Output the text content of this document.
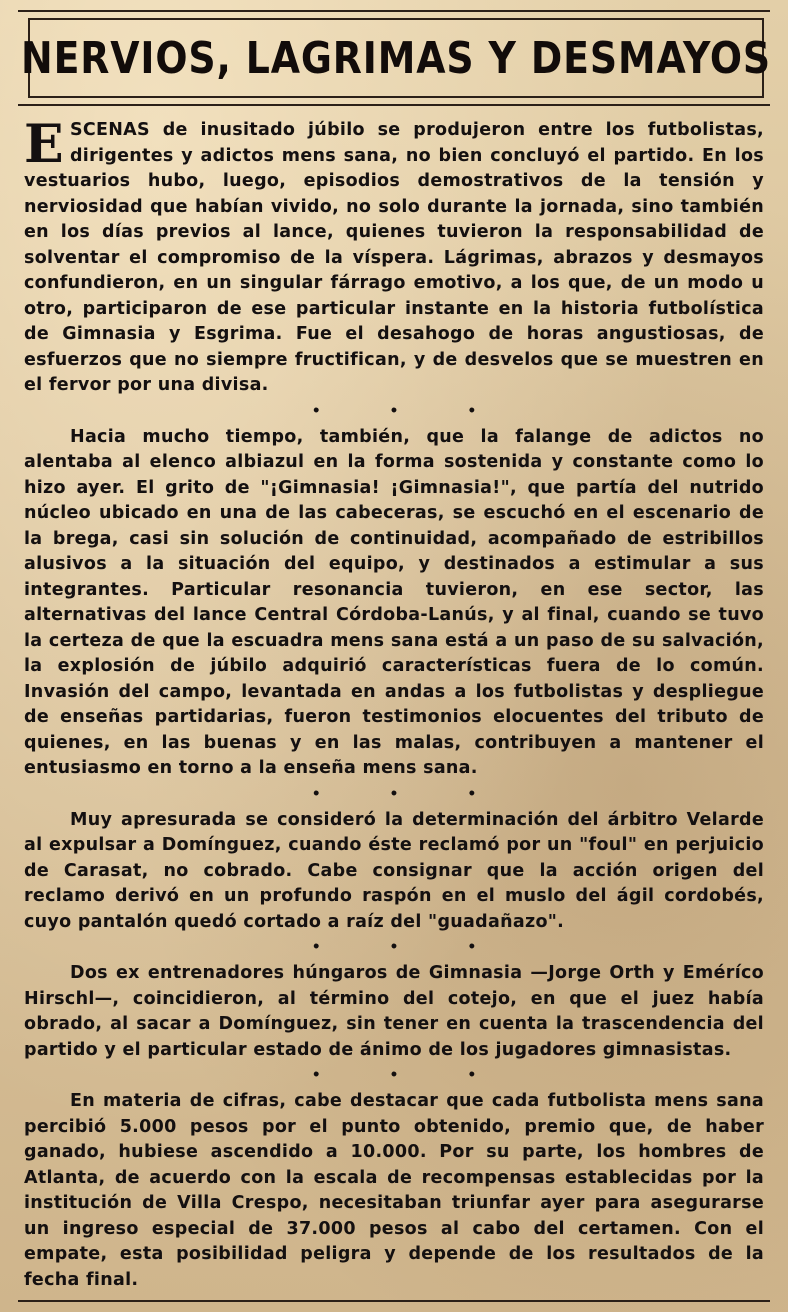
NERVIOS, LAGRIMAS Y DESMAYOS

ESCENAS de inusitado júbilo se produjeron entre los futbolistas, dirigentes y adictos mens sana, no bien concluyó el partido. En los vestuarios hubo, luego, episodios demostrativos de la tensión y nerviosidad que habían vivido, no solo durante la jornada, sino también en los días previos al lance, quienes tuvieron la responsabilidad de solventar el compromiso de la víspera. Lágrimas, abrazos y desmayos confundieron, en un singular fárrago emotivo, a los que, de un modo u otro, participaron de ese particular instante en la historia futbolística de Gimnasia y Esgrima. Fue el desahogo de horas angustiosas, de esfuerzos que no siempre fructifican, y de desvelos que se muestren en el fervor por una divisa.

• • •

Hacia mucho tiempo, también, que la falange de adictos no alentaba al elenco albiazul en la forma sostenida y constante como lo hizo ayer. El grito de "¡Gimnasia! ¡Gimnasia!", que partía del nutrido núcleo ubicado en una de las cabeceras, se escuchó en el escenario de la brega, casi sin solución de continuidad, acompañado de estribillos alusivos a la situación del equipo, y destinados a estimular a sus integrantes. Particular resonancia tuvieron, en ese sector, las alternativas del lance Central Córdoba-Lanús, y al final, cuando se tuvo la certeza de que la escuadra mens sana está a un paso de su salvación, la explosión de júbilo adquirió características fuera de lo común. Invasión del campo, levantada en andas a los futbolistas y despliegue de enseñas partidarias, fueron testimonios elocuentes del tributo de quienes, en las buenas y en las malas, contribuyen a mantener el entusiasmo en torno a la enseña mens sana.

• • •

Muy apresurada se consideró la determinación del árbitro Velarde al expulsar a Domínguez, cuando éste reclamó por un "foul" en perjuicio de Carasat, no cobrado. Cabe consignar que la acción origen del reclamo derivó en un profundo raspón en el muslo del ágil cordobés, cuyo pantalón quedó cortado a raíz del "guadañazo".

• • •

Dos ex entrenadores húngaros de Gimnasia —Jorge Orth y Eméríco Hirschl—, coincidieron, al término del cotejo, en que el juez había obrado, al sacar a Domínguez, sin tener en cuenta la trascendencia del partido y el particular estado de ánimo de los jugadores gimnasistas.

• • •

En materia de cifras, cabe destacar que cada futbolista mens sana percibió 5.000 pesos por el punto obtenido, premio que, de haber ganado, hubiese ascendido a 10.000. Por su parte, los hombres de Atlanta, de acuerdo con la escala de recompensas establecidas por la institución de Villa Crespo, necesitaban triunfar ayer para asegurarse un ingreso especial de 37.000 pesos al cabo del certamen. Con el empate, esta posibilidad peligra y depende de los resultados de la fecha final.
